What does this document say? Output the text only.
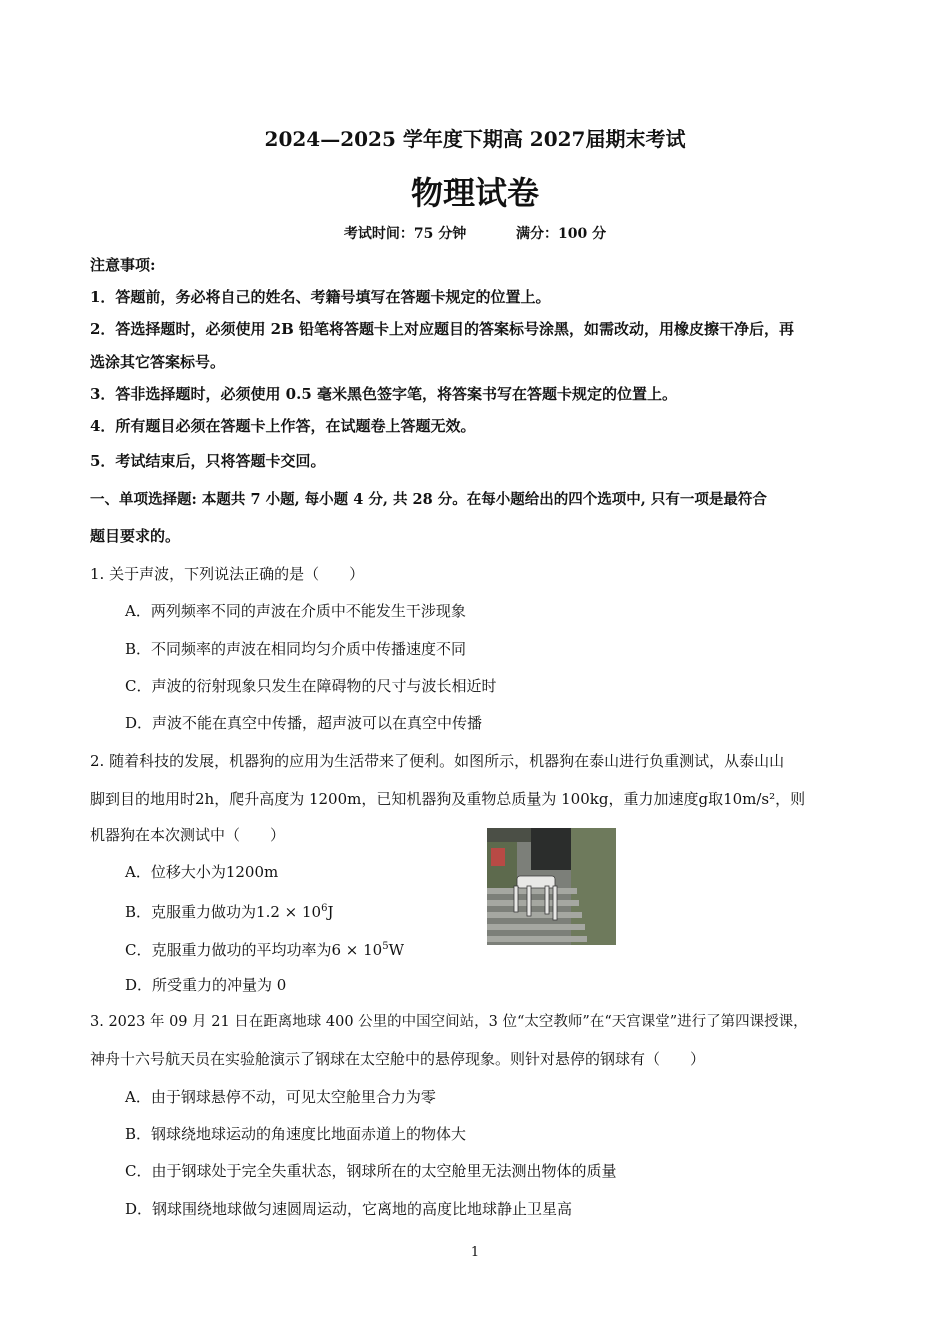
2024—2025 学年度下期高 2027届期末考试
物理试卷
考试时间：75 分钟	满分：100 分
注意事项:
1．答题前，务必将自己的姓名、考籍号填写在答题卡规定的位置上。
2．答选择题时，必须使用 2B 铅笔将答题卡上对应题目的答案标号涂黑，如需改动，用橡皮擦干净后，再
选涂其它答案标号。
3．答非选择题时，必须使用 0.5 毫米黑色签字笔，将答案书写在答题卡规定的位置上。
4．所有题目必须在答题卡上作答，在试题卷上答题无效。
5．考试结束后，只将答题卡交回。
一、单项选择题: 本题共 7 小题, 每小题 4 分, 共 28 分。在每小题给出的四个选项中, 只有一项是最符合
题目要求的。
1. 关于声波，下列说法正确的是（　　）
A．两列频率不同的声波在介质中不能发生干涉现象
B．不同频率的声波在相同均匀介质中传播速度不同
C．声波的衍射现象只发生在障碍物的尺寸与波长相近时
D．声波不能在真空中传播，超声波可以在真空中传播
2. 随着科技的发展，机器狗的应用为生活带来了便利。如图所示，机器狗在泰山进行负重测试，从泰山山
脚到目的地用时2h，爬升高度为 1200m，已知机器狗及重物总质量为 100kg，重力加速度g取10m/s²，则
机器狗在本次测试中（　　）
A．位移大小为1200m
B．克服重力做功为$1.2 \times 10^6J$
C．克服重力做功的平均功率为$6 \times 10^5W$
D．所受重力的冲量为 0
3. 2023 年 09 月 21 日在距离地球 400 公里的中国空间站，3 位“太空教师”在“天宫课堂”进行了第四课授课，
神舟十六号航天员在实验舱演示了钢球在太空舱中的悬停现象。则针对悬停的钢球有（　　）
A．由于钢球悬停不动，可见太空舱里合力为零
B．钢球绕地球运动的角速度比地面赤道上的物体大
C．由于钢球处于完全失重状态，钢球所在的太空舱里无法测出物体的质量
D．钢球围绕地球做匀速圆周运动，它离地的高度比地球静止卫星高
1
